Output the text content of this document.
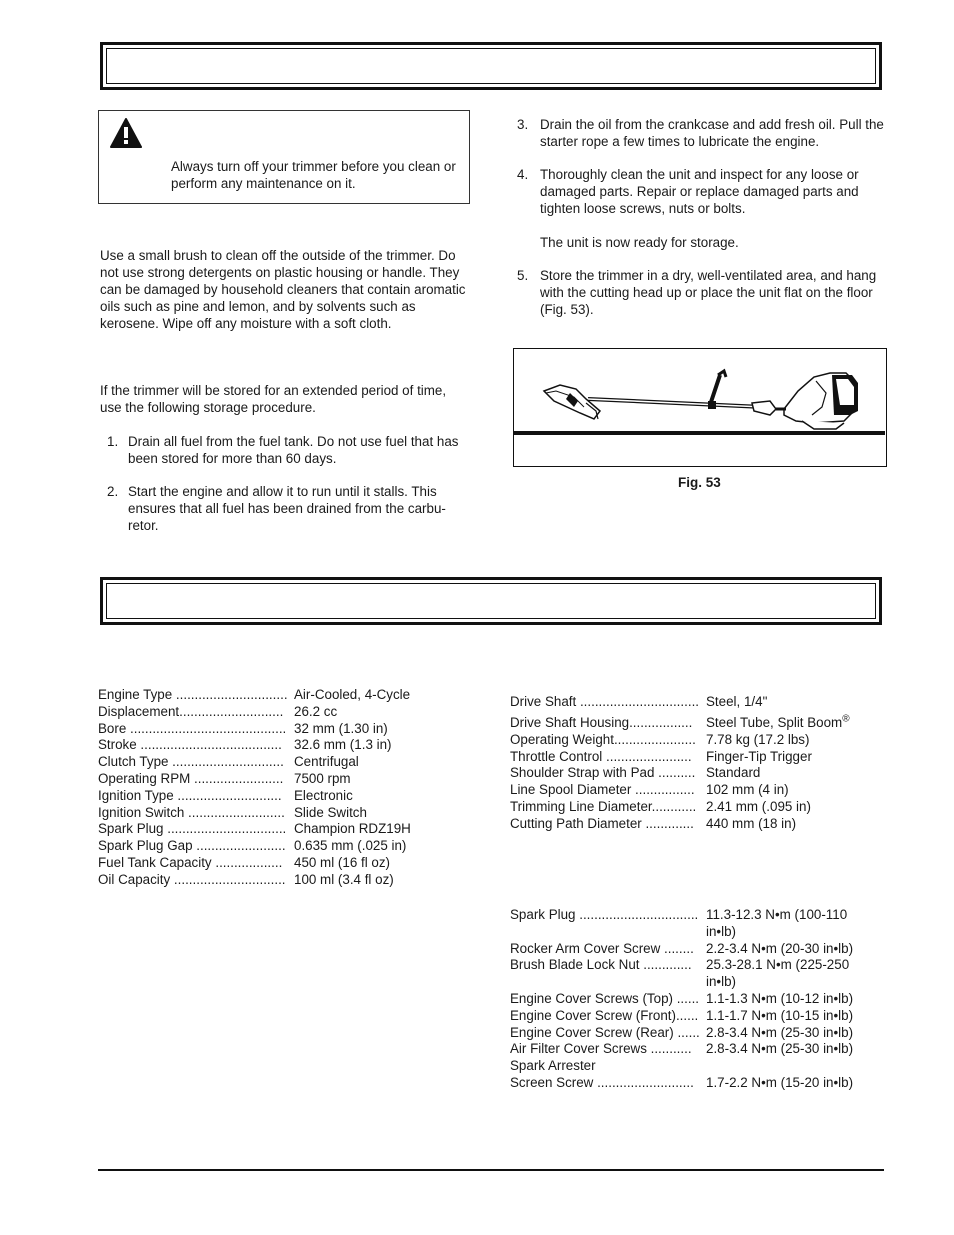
Always turn off your trimmer before you clean or perform any maintenance on it.
Use a small brush to clean off the outside of the trimmer. Do not use strong detergents on plastic housing or handle. They can be damaged by household cleaners that contain aromatic oils such as pine and lemon, and by solvents such as kerosene. Wipe off any moisture with a soft cloth.
If the trimmer will be stored for an extended period of time, use the following storage procedure.
1. Drain all fuel from the fuel tank. Do not use fuel that has been stored for more than 60 days.
2. Start the engine and allow it to run until it stalls. This ensures that all fuel has been drained from the carbu-retor.
3. Drain the oil from the crankcase and add fresh oil. Pull the starter rope a few times to lubricate the engine.
4. Thoroughly clean the unit and inspect for any loose or damaged parts. Repair or replace damaged parts and tighten loose screws, nuts or bolts.
The unit is now ready for storage.
5. Store the trimmer in a dry, well-ventilated area, and hang with the cutting head up or place the unit flat on the floor (Fig. 53).
Fig. 53
Engine Type .............................. Air-Cooled, 4-Cycle
Displacement............................ 26.2 cc
Bore .......................................... 32 mm (1.30 in)
Stroke ...................................... 32.6 mm (1.3 in)
Clutch Type .............................. Centrifugal
Operating RPM ........................ 7500 rpm
Ignition Type ............................ Electronic
Ignition Switch .......................... Slide Switch
Spark Plug ................................ Champion RDZ19H
Spark Plug Gap ........................ 0.635 mm (.025 in)
Fuel Tank Capacity .................. 450 ml (16 fl oz)
Oil Capacity .............................. 100 ml (3.4 fl oz)
Drive Shaft ................................ Steel, 1/4"
Drive Shaft Housing................. Steel Tube, Split Boom®
Operating Weight...................... 7.78 kg (17.2 lbs)
Throttle Control ....................... Finger-Tip Trigger
Shoulder Strap with Pad .......... Standard
Line Spool Diameter ................ 102 mm (4 in)
Trimming Line Diameter............ 2.41 mm (.095 in)
Cutting Path Diameter ............. 440 mm (18 in)
Spark Plug ................................ 11.3-12.3 N•m (100-110
in•lb)
Rocker Arm Cover Screw ........ 2.2-3.4 N•m (20-30 in•lb)
Brush Blade Lock Nut ............. 25.3-28.1 N•m (225-250
in•lb)
Engine Cover Screws (Top) ...... 1.1-1.3 N•m (10-12 in•lb)
Engine Cover Screw (Front)...... 1.1-1.7 N•m (10-15 in•lb)
Engine Cover Screw (Rear) ...... 2.8-3.4 N•m (25-30 in•lb)
Air Filter Cover Screws ........... 2.8-3.4 N•m (25-30 in•lb)
Spark Arrester
Screen Screw .......................... 1.7-2.2 N•m (15-20 in•lb)
